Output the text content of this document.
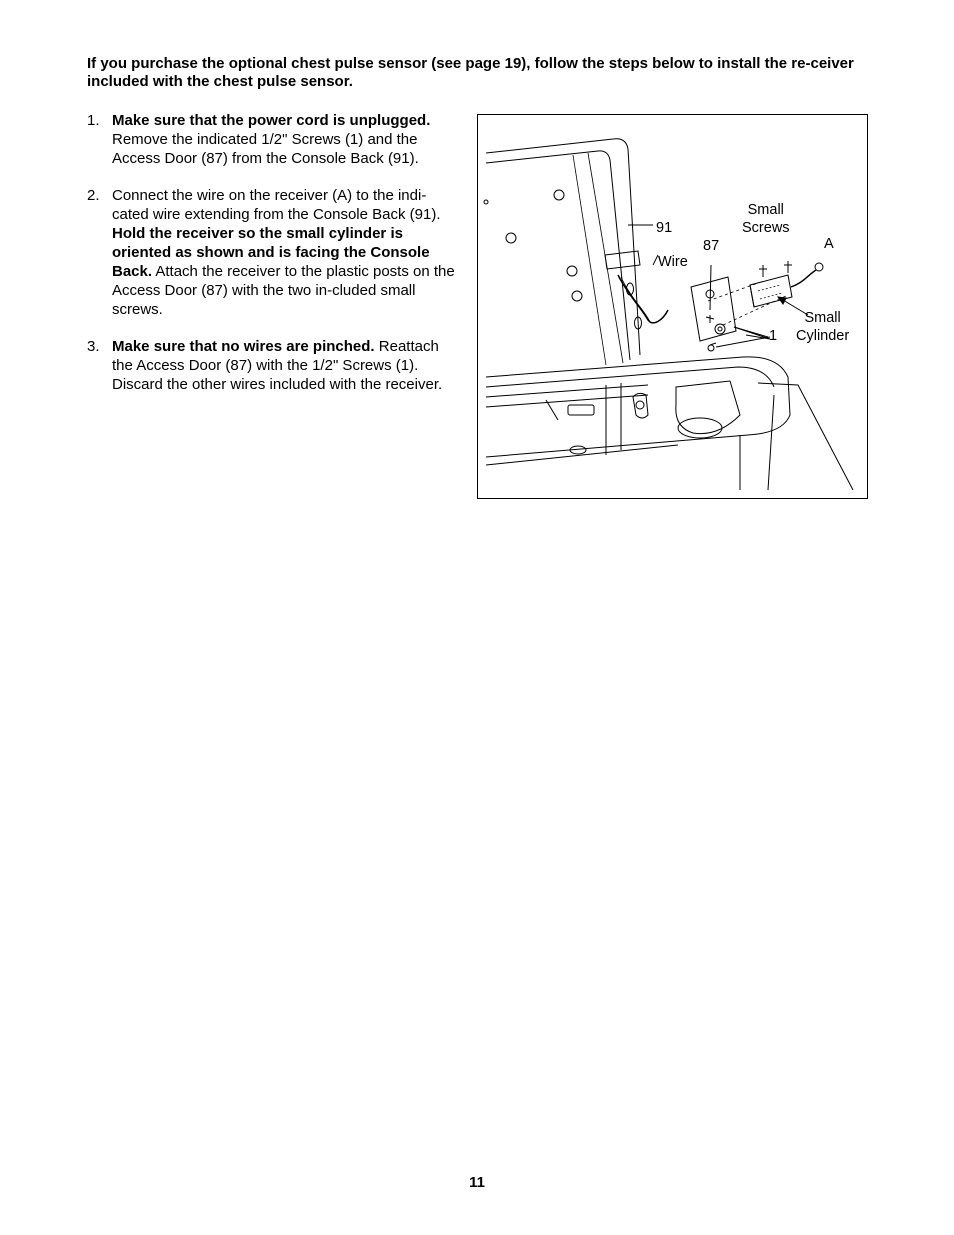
If you purchase the optional chest pulse sensor (see page 19), follow the steps below to install the re-ceiver included with the chest pulse sensor.
1. Make sure that the power cord is unplugged. Remove the indicated 1/2" Screws (1) and the Access Door (87) from the Console Back (91).
2. Connect the wire on the receiver (A) to the indi-cated wire extending from the Console Back (91). Hold the receiver so the small cylinder is oriented as shown and is facing the Console Back. Attach the receiver to the plastic posts on the Access Door (87) with the two in-cluded small screws.
3. Make sure that no wires are pinched. Reattach the Access Door (87) with the 1/2" Screws (1). Discard the other wires included with the receiver.
91
Wire
87
Small
Screws
A
1
Small
Cylinder
11
